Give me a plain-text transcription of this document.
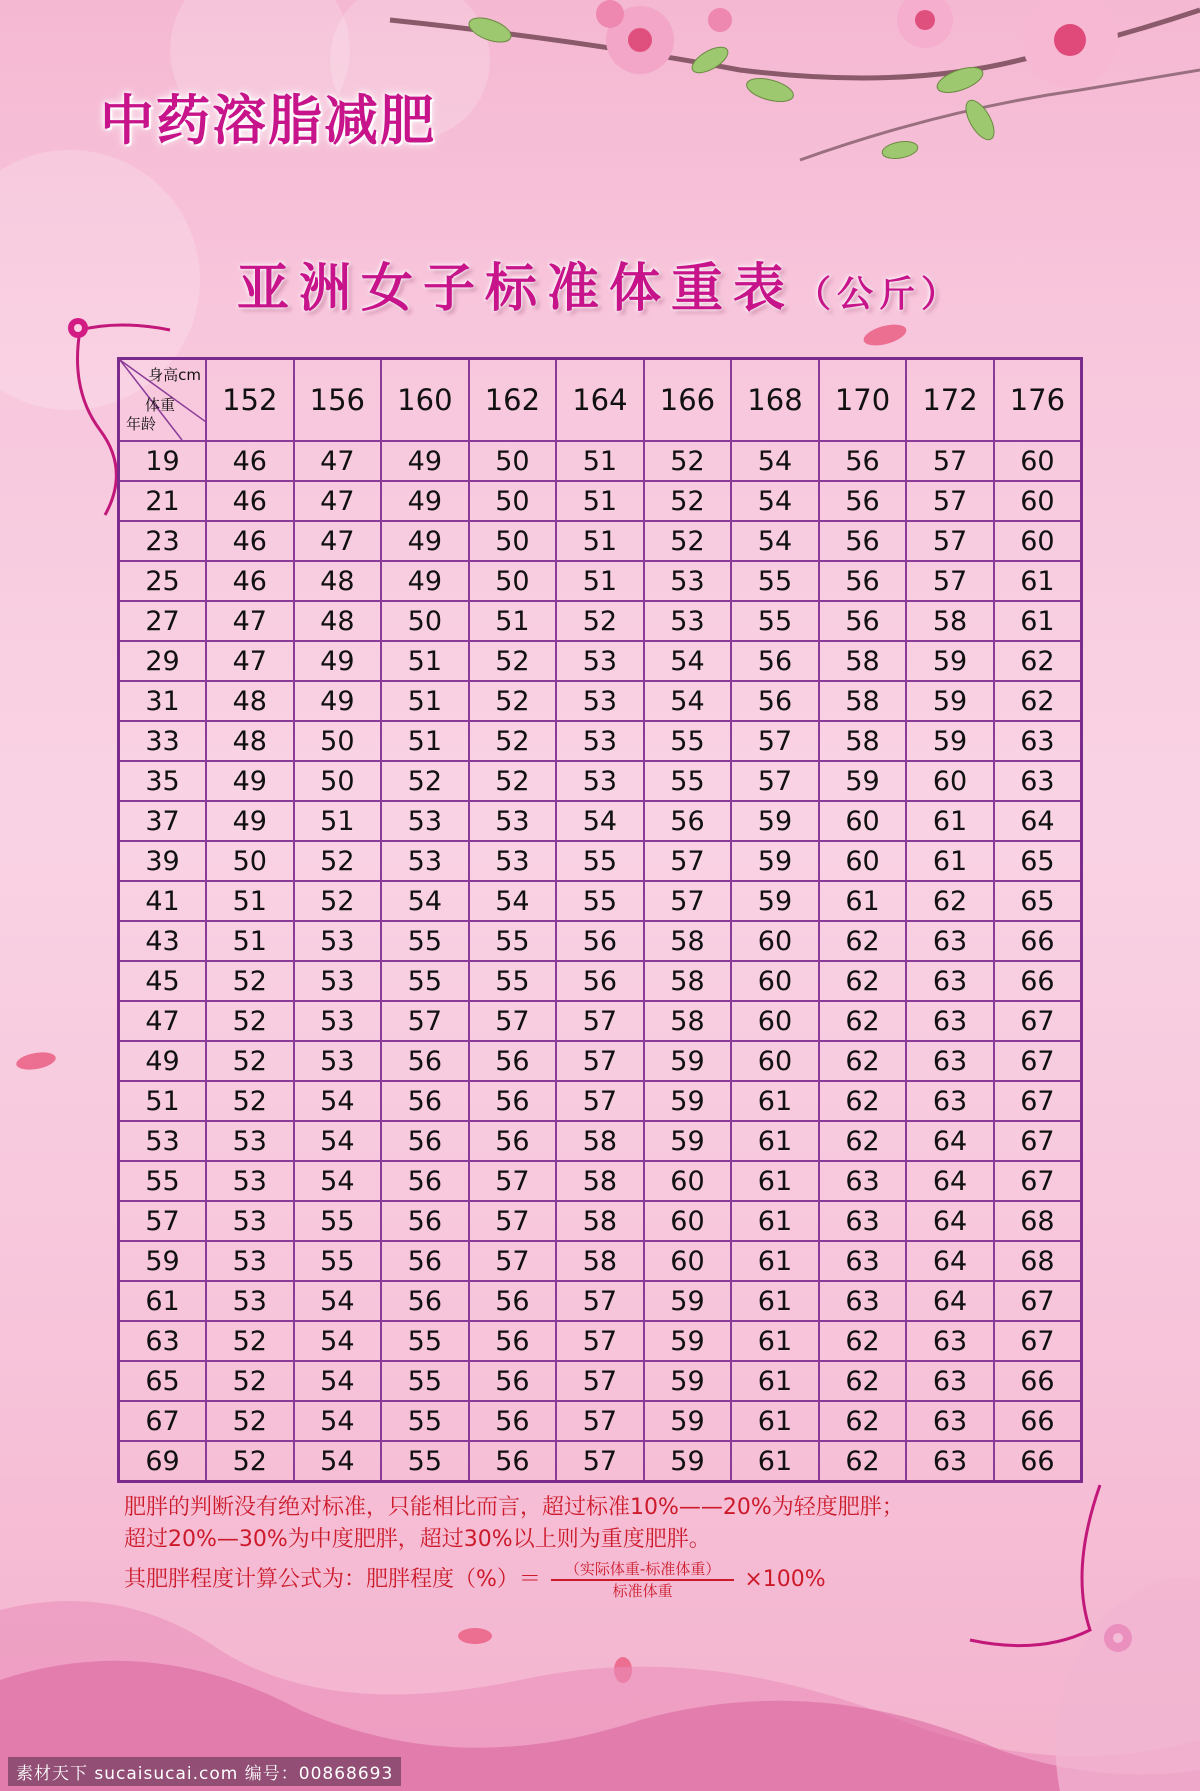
中药溶脂减肥
亚洲女子标准体重表（公斤）
身高cm
体重
年龄	152	156	160	162	164	166	168	170	172	176
19	46	47	49	50	51	52	54	56	57	60
21	46	47	49	50	51	52	54	56	57	60
23	46	47	49	50	51	52	54	56	57	60
25	46	48	49	50	51	53	55	56	57	61
27	47	48	50	51	52	53	55	56	58	61
29	47	49	51	52	53	54	56	58	59	62
31	48	49	51	52	53	54	56	58	59	62
33	48	50	51	52	53	55	57	58	59	63
35	49	50	52	52	53	55	57	59	60	63
37	49	51	53	53	54	56	59	60	61	64
39	50	52	53	53	55	57	59	60	61	65
41	51	52	54	54	55	57	59	61	62	65
43	51	53	55	55	56	58	60	62	63	66
45	52	53	55	55	56	58	60	62	63	66
47	52	53	57	57	57	58	60	62	63	67
49	52	53	56	56	57	59	60	62	63	67
51	52	54	56	56	57	59	61	62	63	67
53	53	54	56	56	58	59	61	62	64	67
55	53	54	56	57	58	60	61	63	64	67
57	53	55	56	57	58	60	61	63	64	68
59	53	55	56	57	58	60	61	63	64	68
61	53	54	56	56	57	59	61	63	64	67
63	52	54	55	56	57	59	61	62	63	67
65	52	54	55	56	57	59	61	62	63	66
67	52	54	55	56	57	59	61	62	63	66
69	52	54	55	56	57	59	61	62	63	66

肥胖的判断没有绝对标准，只能相比而言，超过标准10%——20%为轻度肥胖；

超过20%—30%为中度肥胖，超过30%以上则为重度肥胖。

其肥胖程度计算公式为：肥胖程度（%）＝ $\frac{\text{（实际体重-标准体重）}}{\text{标准体重}} \times 100\%$
素材天下 sucaisucai.com 编号：00868693
